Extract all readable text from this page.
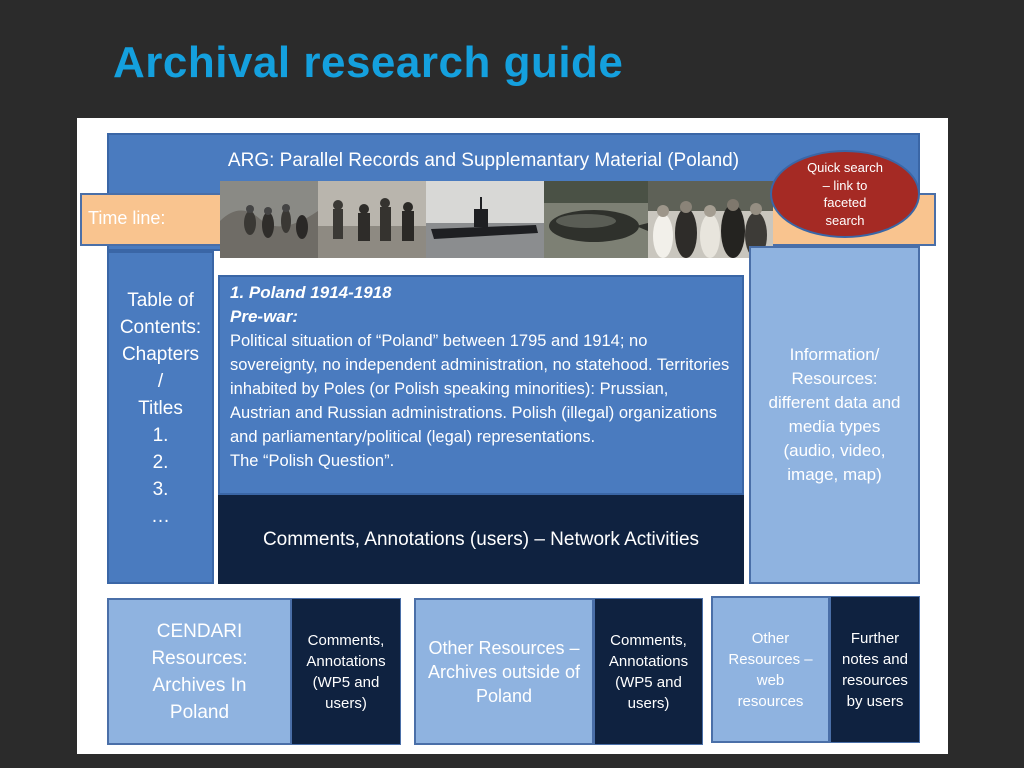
Archival research guide
ARG: Parallel Records and Supplemantary Material (Poland)
Time line:
Quick search
– link to
faceted
search
Table of
Contents:
Chapters
/
Titles
1.
2.
3.
…
1. Poland 1914-1918
Pre-war:
Political situation of “Poland” between 1795 and 1914; no sovereignty, no independent administration, no statehood. Territories inhabited by Poles (or Polish speaking minorities): Prussian, Austrian and Russian administrations. Polish (illegal) organizations and parliamentary/political (legal) representations.
The “Polish Question”.
Comments, Annotations (users) – Network Activities
Information/
Resources:
different data and
media types
(audio, video,
image, map)
CENDARI
Resources:
Archives In
Poland
Comments,
Annotations
(WP5 and
users)
Other Resources –
Archives outside of
Poland
Comments,
Annotations
(WP5 and
users)
Other
Resources –
web
resources
Further
notes and
resources
by users
